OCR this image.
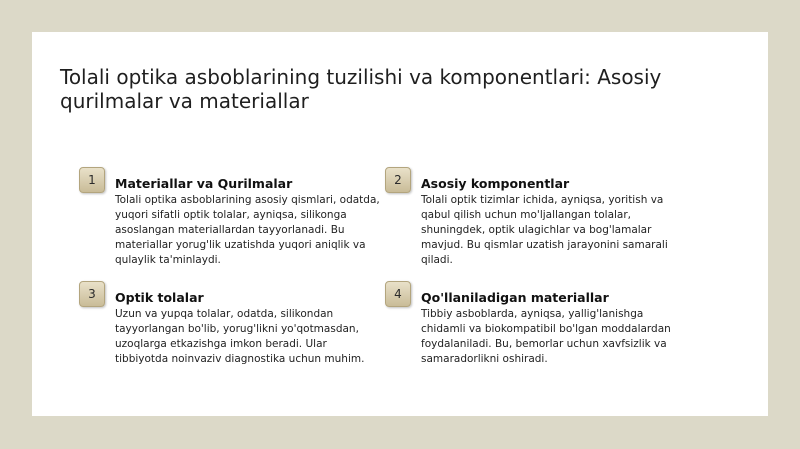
Tolali optika asboblarining tuzilishi va komponentlari: Asosiy qurilmalar va materiallar
1	Materiallar va Qurilmalar
Tolali optika asboblarining asosiy qismlari, odatda, yuqori sifatli optik tolalar, ayniqsa, silikonga asoslangan materiallardan tayyorlanadi. Bu materiallar yorug'lik uzatishda yuqori aniqlik va qulaylik ta'minlaydi.
2	Asosiy komponentlar
Tolali optik tizimlar ichida, ayniqsa, yoritish va qabul qilish uchun mo'ljallangan tolalar, shuningdek, optik ulagichlar va bog'lamalar mavjud. Bu qismlar uzatish jarayonini samarali qiladi.
3	Optik tolalar
Uzun va yupqa tolalar, odatda, silikondan tayyorlangan bo'lib, yorug'likni yo'qotmasdan, uzoqlarga etkazishga imkon beradi. Ular tibbiyotda noinvaziv diagnostika uchun muhim.
4	Qo'llaniladigan materiallar
Tibbiy asboblarda, ayniqsa, yallig'lanishga chidamli va biokompatibil bo'lgan moddalardan foydalaniladi. Bu, bemorlar uchun xavfsizlik va samaradorlikni oshiradi.
